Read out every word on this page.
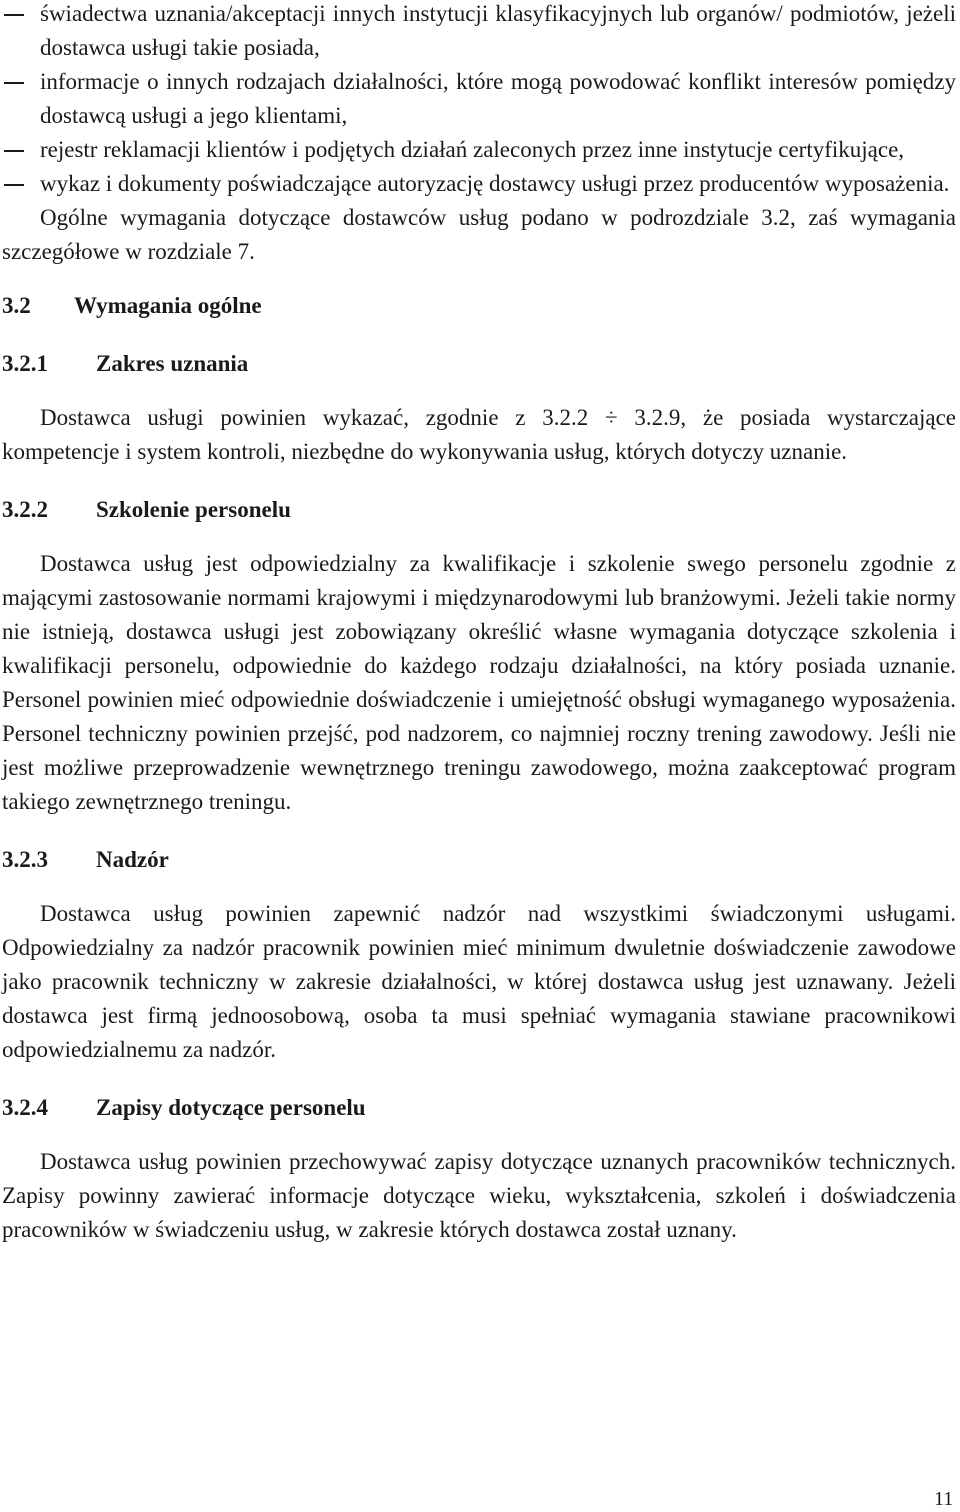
świadectwa uznania/akceptacji innych instytucji klasyfikacyjnych lub organów/ podmiotów, jeżeli dostawca usługi takie posiada,
informacje o innych rodzajach działalności, które mogą powodować konflikt interesów pomiędzy dostawcą usługi a jego klientami,
rejestr reklamacji klientów i podjętych działań zaleconych przez inne instytucje certyfikujące,
wykaz i dokumenty poświadczające autoryzację dostawcy usługi przez producentów wyposażenia.

Ogólne wymagania dotyczące dostawców usług podano w podrozdziale 3.2, zaś wymagania szczegółowe w rozdziale 7.

3.2 Wymagania ogólne
3.2.1 Zakres uznania

Dostawca usługi powinien wykazać, zgodnie z 3.2.2 ÷ 3.2.9, że posiada wystarczające kompetencje i system kontroli, niezbędne do wykonywania usług, których dotyczy uznanie.

3.2.2 Szkolenie personelu

Dostawca usług jest odpowiedzialny za kwalifikacje i szkolenie swego personelu zgodnie z mającymi zastosowanie normami krajowymi i międzynarodowymi lub branżowymi. Jeżeli takie normy nie istnieją, dostawca usługi jest zobowiązany określić własne wymagania dotyczące szkolenia i kwalifikacji personelu, odpowiednie do każdego rodzaju działalności, na który posiada uznanie. Personel powinien mieć odpowiednie doświadczenie i umiejętność obsługi wymaganego wyposażenia. Personel techniczny powinien przejść, pod nadzorem, co najmniej roczny trening zawodowy. Jeśli nie jest możliwe przeprowadzenie wewnętrznego treningu zawodowego, można zaakceptować program takiego zewnętrznego treningu.

3.2.3 Nadzór

Dostawca usług powinien zapewnić nadzór nad wszystkimi świadczonymi usługami. Odpowiedzialny za nadzór pracownik powinien mieć minimum dwuletnie doświadczenie zawodowe jako pracownik techniczny w zakresie działalności, w której dostawca usług jest uznawany. Jeżeli dostawca jest firmą jednoosobową, osoba ta musi spełniać wymagania stawiane pracownikowi odpowiedzialnemu za nadzór.

3.2.4 Zapisy dotyczące personelu

Dostawca usług powinien przechowywać zapisy dotyczące uznanych pracowników technicznych. Zapisy powinny zawierać informacje dotyczące wieku, wykształcenia, szkoleń i doświadczenia pracowników w świadczeniu usług, w zakresie których dostawca został uznany.

11
